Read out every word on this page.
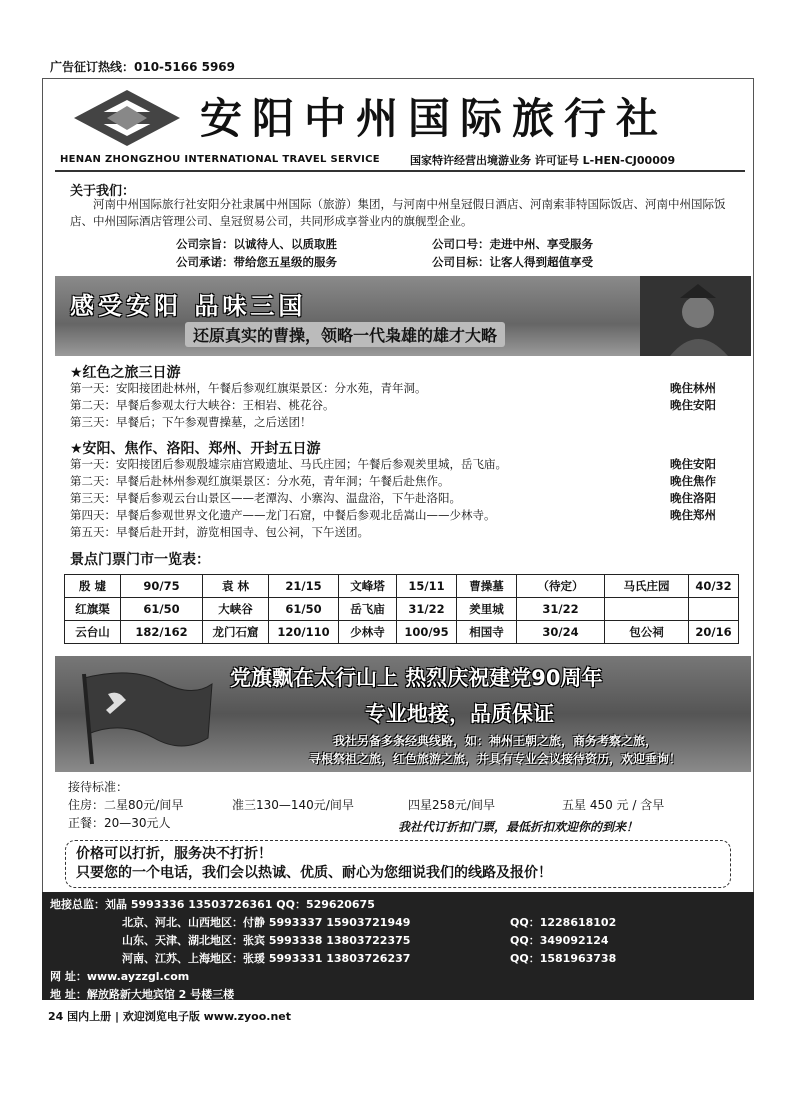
广告征订热线：010-5166 5969
安阳中州国际旅行社
HENAN ZHONGZHOU INTERNATIONAL TRAVEL SERVICE	国家特许经营出境游业务 许可证号 L-HEN-CJ00009
关于我们：
河南中州国际旅行社安阳分社隶属中州国际（旅游）集团，与河南中州皇冠假日酒店、河南索菲特国际饭店、河南中州国际饭店、中州国际酒店管理公司、皇冠贸易公司，共同形成享誉业内的旗舰型企业。
公司宗旨：以诚待人、以质取胜	公司口号：走进中州、享受服务
公司承诺：带给您五星级的服务	公司目标：让客人得到超值享受
感受安阳 品味三国
还原真实的曹操，领略一代枭雄的雄才大略
★红色之旅三日游
第一天：安阳接团赴林州，午餐后参观红旗渠景区：分水苑，青年洞。	晚住林州
第二天：早餐后参观太行大峡谷：王相岩、桃花谷。	晚住安阳
第三天：早餐后；下午参观曹操墓，之后送团！
★安阳、焦作、洛阳、郑州、开封五日游
第一天：安阳接团后参观殷墟宗庙宫殿遗址、马氏庄园；午餐后参观羑里城，岳飞庙。	晚住安阳
第二天：早餐后赴林州参观红旗渠景区：分水苑，青年洞；午餐后赴焦作。	晚住焦作
第三天：早餐后参观云台山景区——老潭沟、小寨沟、温盘浴，下午赴洛阳。	晚住洛阳
第四天：早餐后参观世界文化遗产——龙门石窟，中餐后参观北岳嵩山——少林寺。	晚住郑州
第五天：早餐后赴开封，游览相国寺、包公祠，下午送团。
景点门票门市一览表：
殷 墟	90/75	袁 林	21/15	文峰塔	15/11	曹操墓	（待定）	马氏庄园	40/32
红旗渠	61/50	大峡谷	61/50	岳飞庙	31/22	羑里城	31/22		
云台山	182/162	龙门石窟	120/110	少林寺	100/95	相国寺	30/24	包公祠	20/16
党旗飘在太行山上 热烈庆祝建党90周年
专业地接，品质保证
我社另备多条经典线路，如：神州王朝之旅，商务考察之旅，
寻根祭祖之旅，红色旅游之旅，并具有专业会议接待资历，欢迎垂询！
接待标准：
住房：二星80元/间早	准三130—140元/间早	四星258元/间早	五星 450 元 / 含早
正餐：20—30元人	我社代订折扣门票，最低折扣欢迎你的到来！
价格可以打折，服务决不打折！
只要您的一个电话，我们会以热诚、优质、耐心为您细说我们的线路及报价！
地接总监：刘晶 5993336 13503726361 QQ：529620675
北京、河北、山西地区：付静 5993337 15903721949	QQ：1228618102
山东、天津、湖北地区：张宾 5993338 13803722375	QQ：349092124
河南、江苏、上海地区：张瑗 5993331 13803726237	QQ：1581963738
网 址：www.ayzzgl.com
地 址：解放路新大地宾馆 2 号楼三楼
24 国内上册 | 欢迎浏览电子版 www.zyoo.net
